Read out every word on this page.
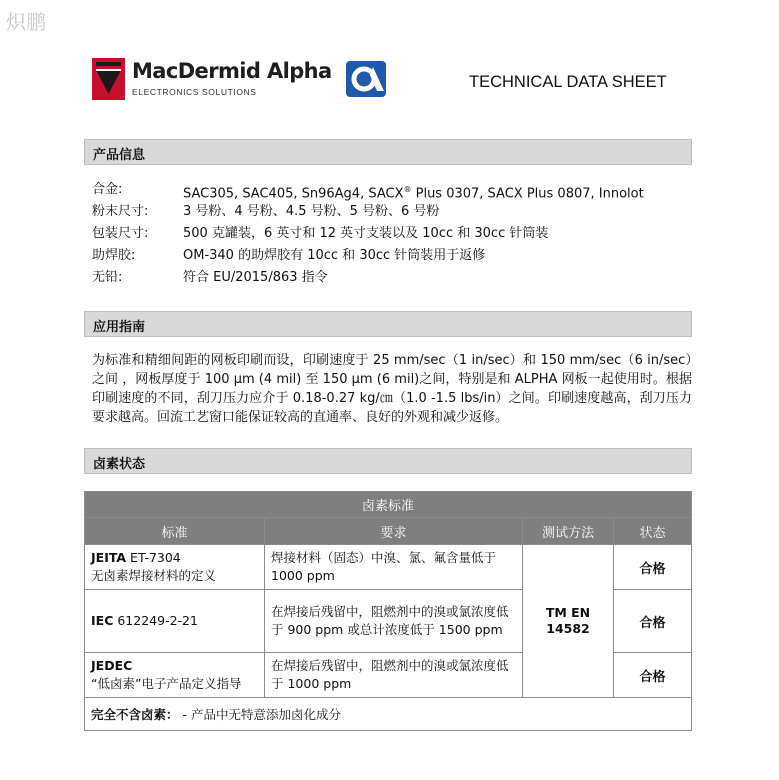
炽鹏
MacDermid Alpha
ELECTRONICS SOLUTIONS
TECHNICAL DATA SHEET
产品信息
合金:	SAC305, SAC405, Sn96Ag4, SACX® Plus 0307, SACX Plus 0807, Innolot
粉末尺寸:	3 号粉、4 号粉、4.5 号粉、5 号粉、6 号粉
包装尺寸:	500 克罐装，6 英寸和 12 英寸支装以及 10cc 和 30cc 针筒装
助焊胶:	OM-340 的助焊胶有 10cc 和 30cc 针筒装用于返修
无铅:	符合 EU/2015/863 指令
应用指南

为标准和精细间距的网板印刷而设，印刷速度于 25 mm/sec（1 in/sec）和 150 mm/sec（6 in/sec）之间 ，网板厚度于 100 μm (4 mil) 至 150 μm (6 mil)之间，特别是和 ALPHA 网板一起使用时。根据印刷速度的不同，刮刀压力应介于 0.18-0.27 kg/㎝（1.0 -1.5 lbs/in）之间。印刷速度越高，刮刀压力要求越高。回流工艺窗口能保证较高的直通率、良好的外观和减少返修。

卤素状态
卤素标准			
标准	要求	测试方法	状态
JEITA ET-7304
无卤素焊接材料的定义	焊接材料（固态）中溴、氯、氟含量低于 1000 ppm	TM EN 14582	合格
IEC 612249-2-21	在焊接后残留中，阻燃剂中的溴或氯浓度低于 900 ppm 或总计浓度低于 1500 ppm		合格
JEDEC
“低卤素”电子产品定义指导	在焊接后残留中，阻燃剂中的溴或氯浓度低于 1000 ppm		合格
完全不含卤素： - 产品中无特意添加卤化成分			
